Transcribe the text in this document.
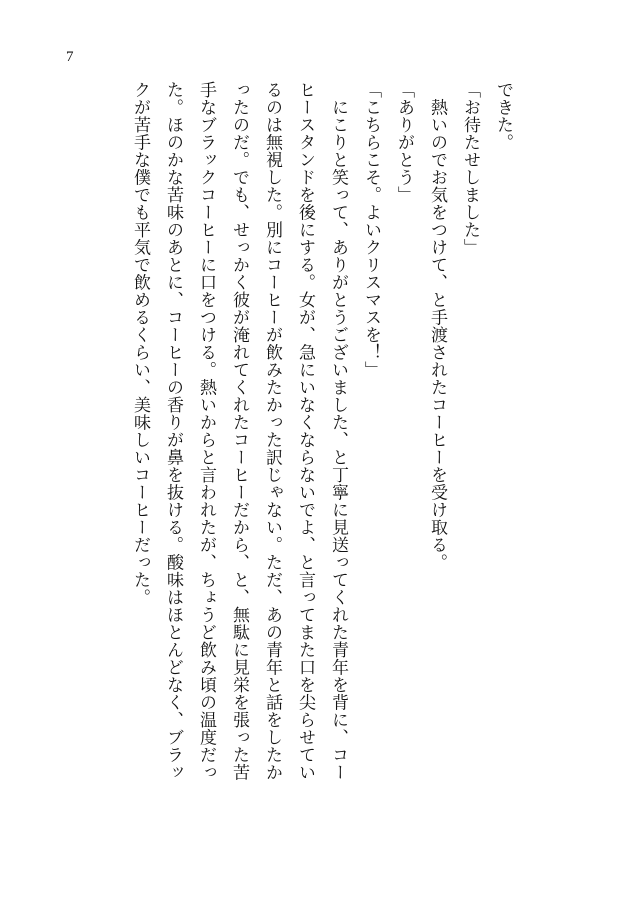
7
できた。
「お待たせしました」
　熱いのでお気をつけて、と手渡されたコーヒーを受け取る。
「ありがとう」
「こちらこそ。よいクリスマスを！」
　にこりと笑って、ありがとうございました、と丁寧に見送ってくれた青年を背に、コー
ヒースタンドを後にする。女が、急にいなくならないでよ、と言ってまた口を尖らせてい
るのは無視した。別にコーヒーが飲みたかった訳じゃない。ただ、あの青年と話をしたか
ったのだ。でも、せっかく彼が淹れてくれたコーヒーだから、と、無駄に見栄を張った苦
手なブラックコーヒーに口をつける。熱いからと言われたが、ちょうど飲み頃の温度だっ
た。ほのかな苦味のあとに、コーヒーの香りが鼻を抜ける。酸味はほとんどなく、ブラッ
クが苦手な僕でも平気で飲めるくらい、美味しいコーヒーだった。
